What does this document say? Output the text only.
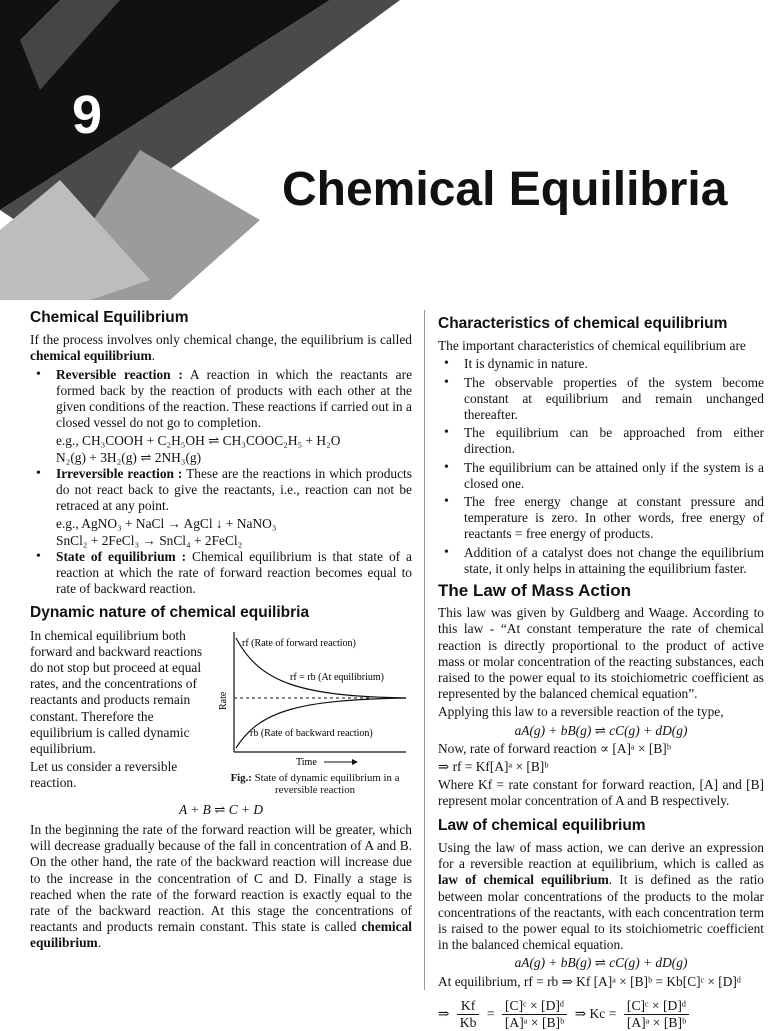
9
Chemical Equilibria
Chemical Equilibrium

If the process involves only chemical change, the equilibrium is called chemical equilibrium.

• Reversible reaction : A reaction in which the reactants are formed back by the reaction of products with each other at the given conditions of the reaction. These reactions if carried out in a closed vessel do not go to completion.
e.g., CH₃COOH + C₂H₅OH ⇌ CH₃COOC₂H₅ + H₂O
N₂(g) + 3H₂(g) ⇌ 2NH₃(g)
• Irreversible reaction : These are the reactions in which products do not react back to give the reactants, i.e., reaction can not be retraced at any point.
e.g., AgNO₃ + NaCl → AgCl ↓ + NaNO₃
SnCl₂ + 2FeCl₃ → SnCl₄ + 2FeCl₂
• State of equilibrium : Chemical equilibrium is that state of a reaction at which the rate of forward reaction becomes equal to rate of backward reaction.
Dynamic nature of chemical equilibria

In chemical equilibrium both forward and backward reactions do not stop but proceed at equal rates, and the concentrations of reactants and products remain constant. Therefore the equilibrium is called dynamic equilibrium.

Let us consider a reversible reaction.

rf (Rate of forward reaction)
rf = rb (At equilibrium)
rb (Rate of backward reaction)
Rate
Time
Fig.: State of dynamic equilibrium in a reversible reaction

A + B ⇌ C + D

In the beginning the rate of the forward reaction will be greater, which will decrease gradually because of the fall in concentration of A and B. On the other hand, the rate of the backward reaction will increase due to the increase in the concentration of C and D. Finally a stage is reached when the rate of the forward reaction is exactly equal to the rate of the backward reaction. At this stage the concentrations of reactants and products remain constant. This state is called chemical equilibrium.

Characteristics of chemical equilibrium

The important characteristics of chemical equilibrium are

• It is dynamic in nature.
• The observable properties of the system become constant at equilibrium and remain unchanged thereafter.
• The equilibrium can be approached from either direction.
• The equilibrium can be attained only if the system is a closed one.
• The free energy change at constant pressure and temperature is zero. In other words, free energy of reactants = free energy of products.
• Addition of a catalyst does not change the equilibrium state, it only helps in attaining the equilibrium faster.
The Law of Mass Action

This law was given by Guldberg and Waage. According to this law - “At constant temperature the rate of chemical reaction is directly proportional to the product of active mass or molar concentration of the reacting substances, each raised to the power equal to its stoichiometric coefficient as represented by the balanced chemical equation”.

Applying this law to a reversible reaction of the type,

aA(g) + bB(g) ⇌ cC(g) + dD(g)

Now, rate of forward reaction ∝ [A]ᵃ × [B]ᵇ

⇒ rf = Kf[A]ᵃ × [B]ᵇ

Where Kf = rate constant for forward reaction, [A] and [B] represent molar concentration of A and B respectively.

Law of chemical equilibrium

Using the law of mass action, we can derive an expression for a reversible reaction at equilibrium, which is called as law of chemical equilibrium. It is defined as the ratio between molar concentrations of the products to the molar concentrations of the reactants, with each concentration term is raised to the power equal to its stoichiometric coefficient in the balanced chemical equation.

aA(g) + bB(g) ⇌ cC(g) + dD(g)

At equilibrium, rf = rb ⇒ Kf [A]ᵃ × [B]ᵇ = Kb[C]ᶜ × [D]ᵈ

⇒ $\frac{Kf}{Kb} = \frac{\text{[C]ᶜ × [D]ᵈ}}{\text{[A]ᵃ × [B]ᵇ}}$ ⇒ $Kc = \frac{\text{[C]ᶜ × [D]ᵈ}}{\text{[A]ᵃ × [B]ᵇ}}$
